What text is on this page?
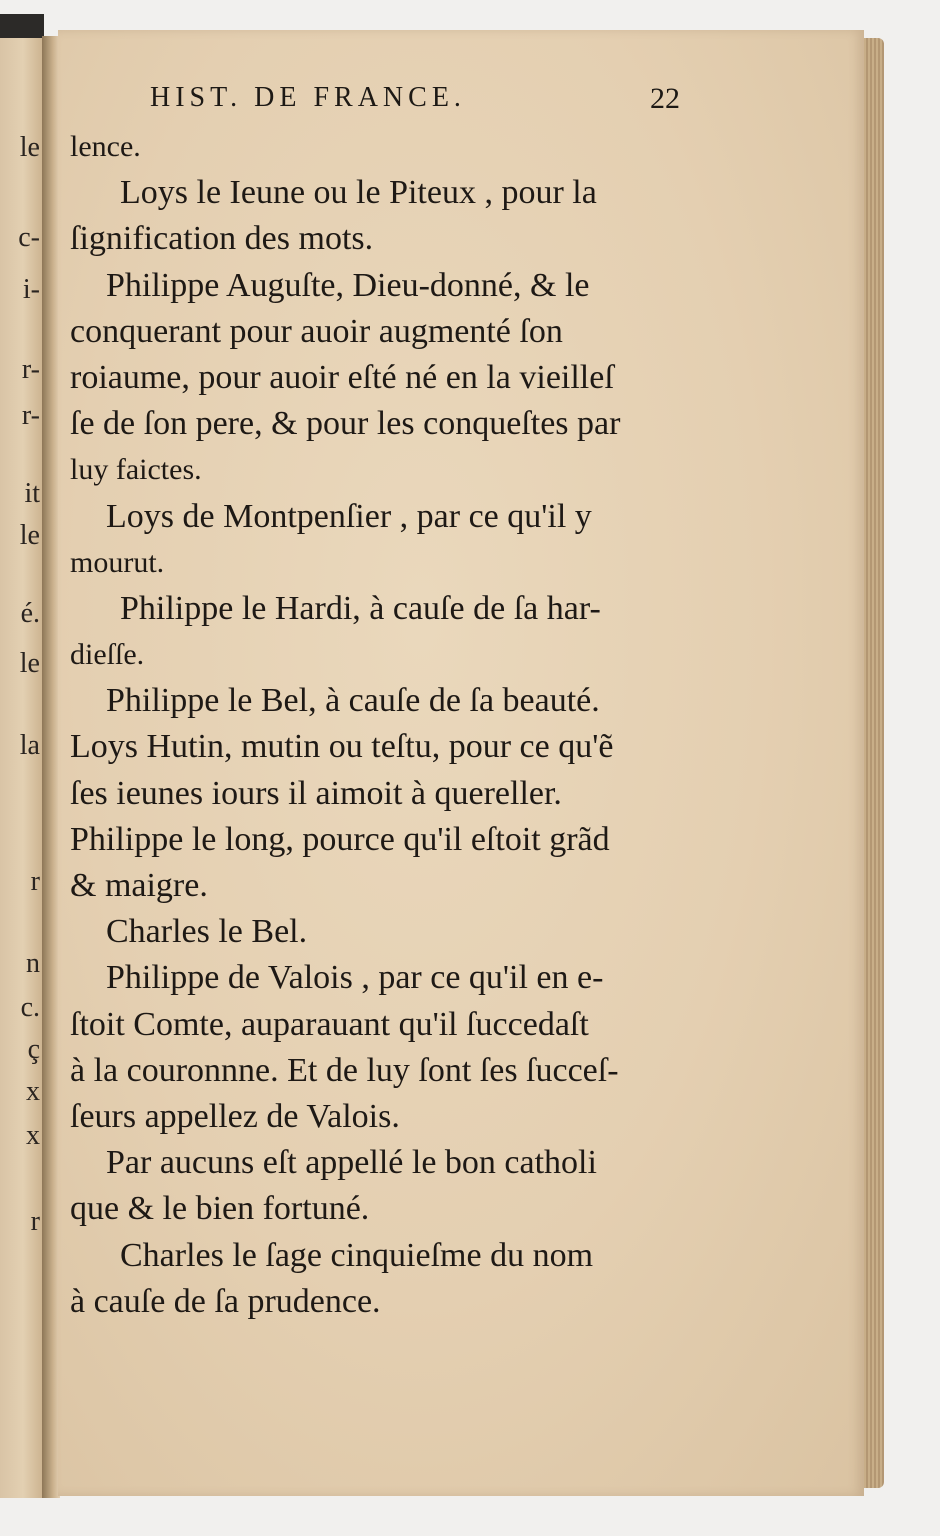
le
c-
i-
r-
r-
it
le
é.
le
la
r
n
c.
ç
x
x
r
HIST. DE FRANCE.	22
lence.
Loys le Ieune ou le Piteux , pour la
ſignification des mots.
Philippe Auguſte, Dieu-donné, & le
conquerant pour auoir augmenté ſon
roiaume, pour auoir eſté né en la vieilleſ
ſe de ſon pere, & pour les conqueſtes par
luy faictes.
Loys de Montpenſier , par ce qu'il y
mourut.
Philippe le Hardi, à cauſe de ſa har-
dieſſe.
Philippe le Bel, à cauſe de ſa beauté.
Loys Hutin, mutin ou teſtu, pour ce qu'ẽ
ſes ieunes iours il aimoit à quereller.
Philippe le long, pource qu'il eſtoit grãd
& maigre.
Charles le Bel.
Philippe de Valois , par ce qu'il en e-
ſtoit Comte, auparauant qu'il ſuccedaſt
à la couronnne. Et de luy ſont ſes ſucceſ-
ſeurs appellez de Valois.
Par aucuns eſt appellé le bon catholi
que & le bien fortuné.
Charles le ſage cinquieſme du nom
à cauſe de ſa prudence.
